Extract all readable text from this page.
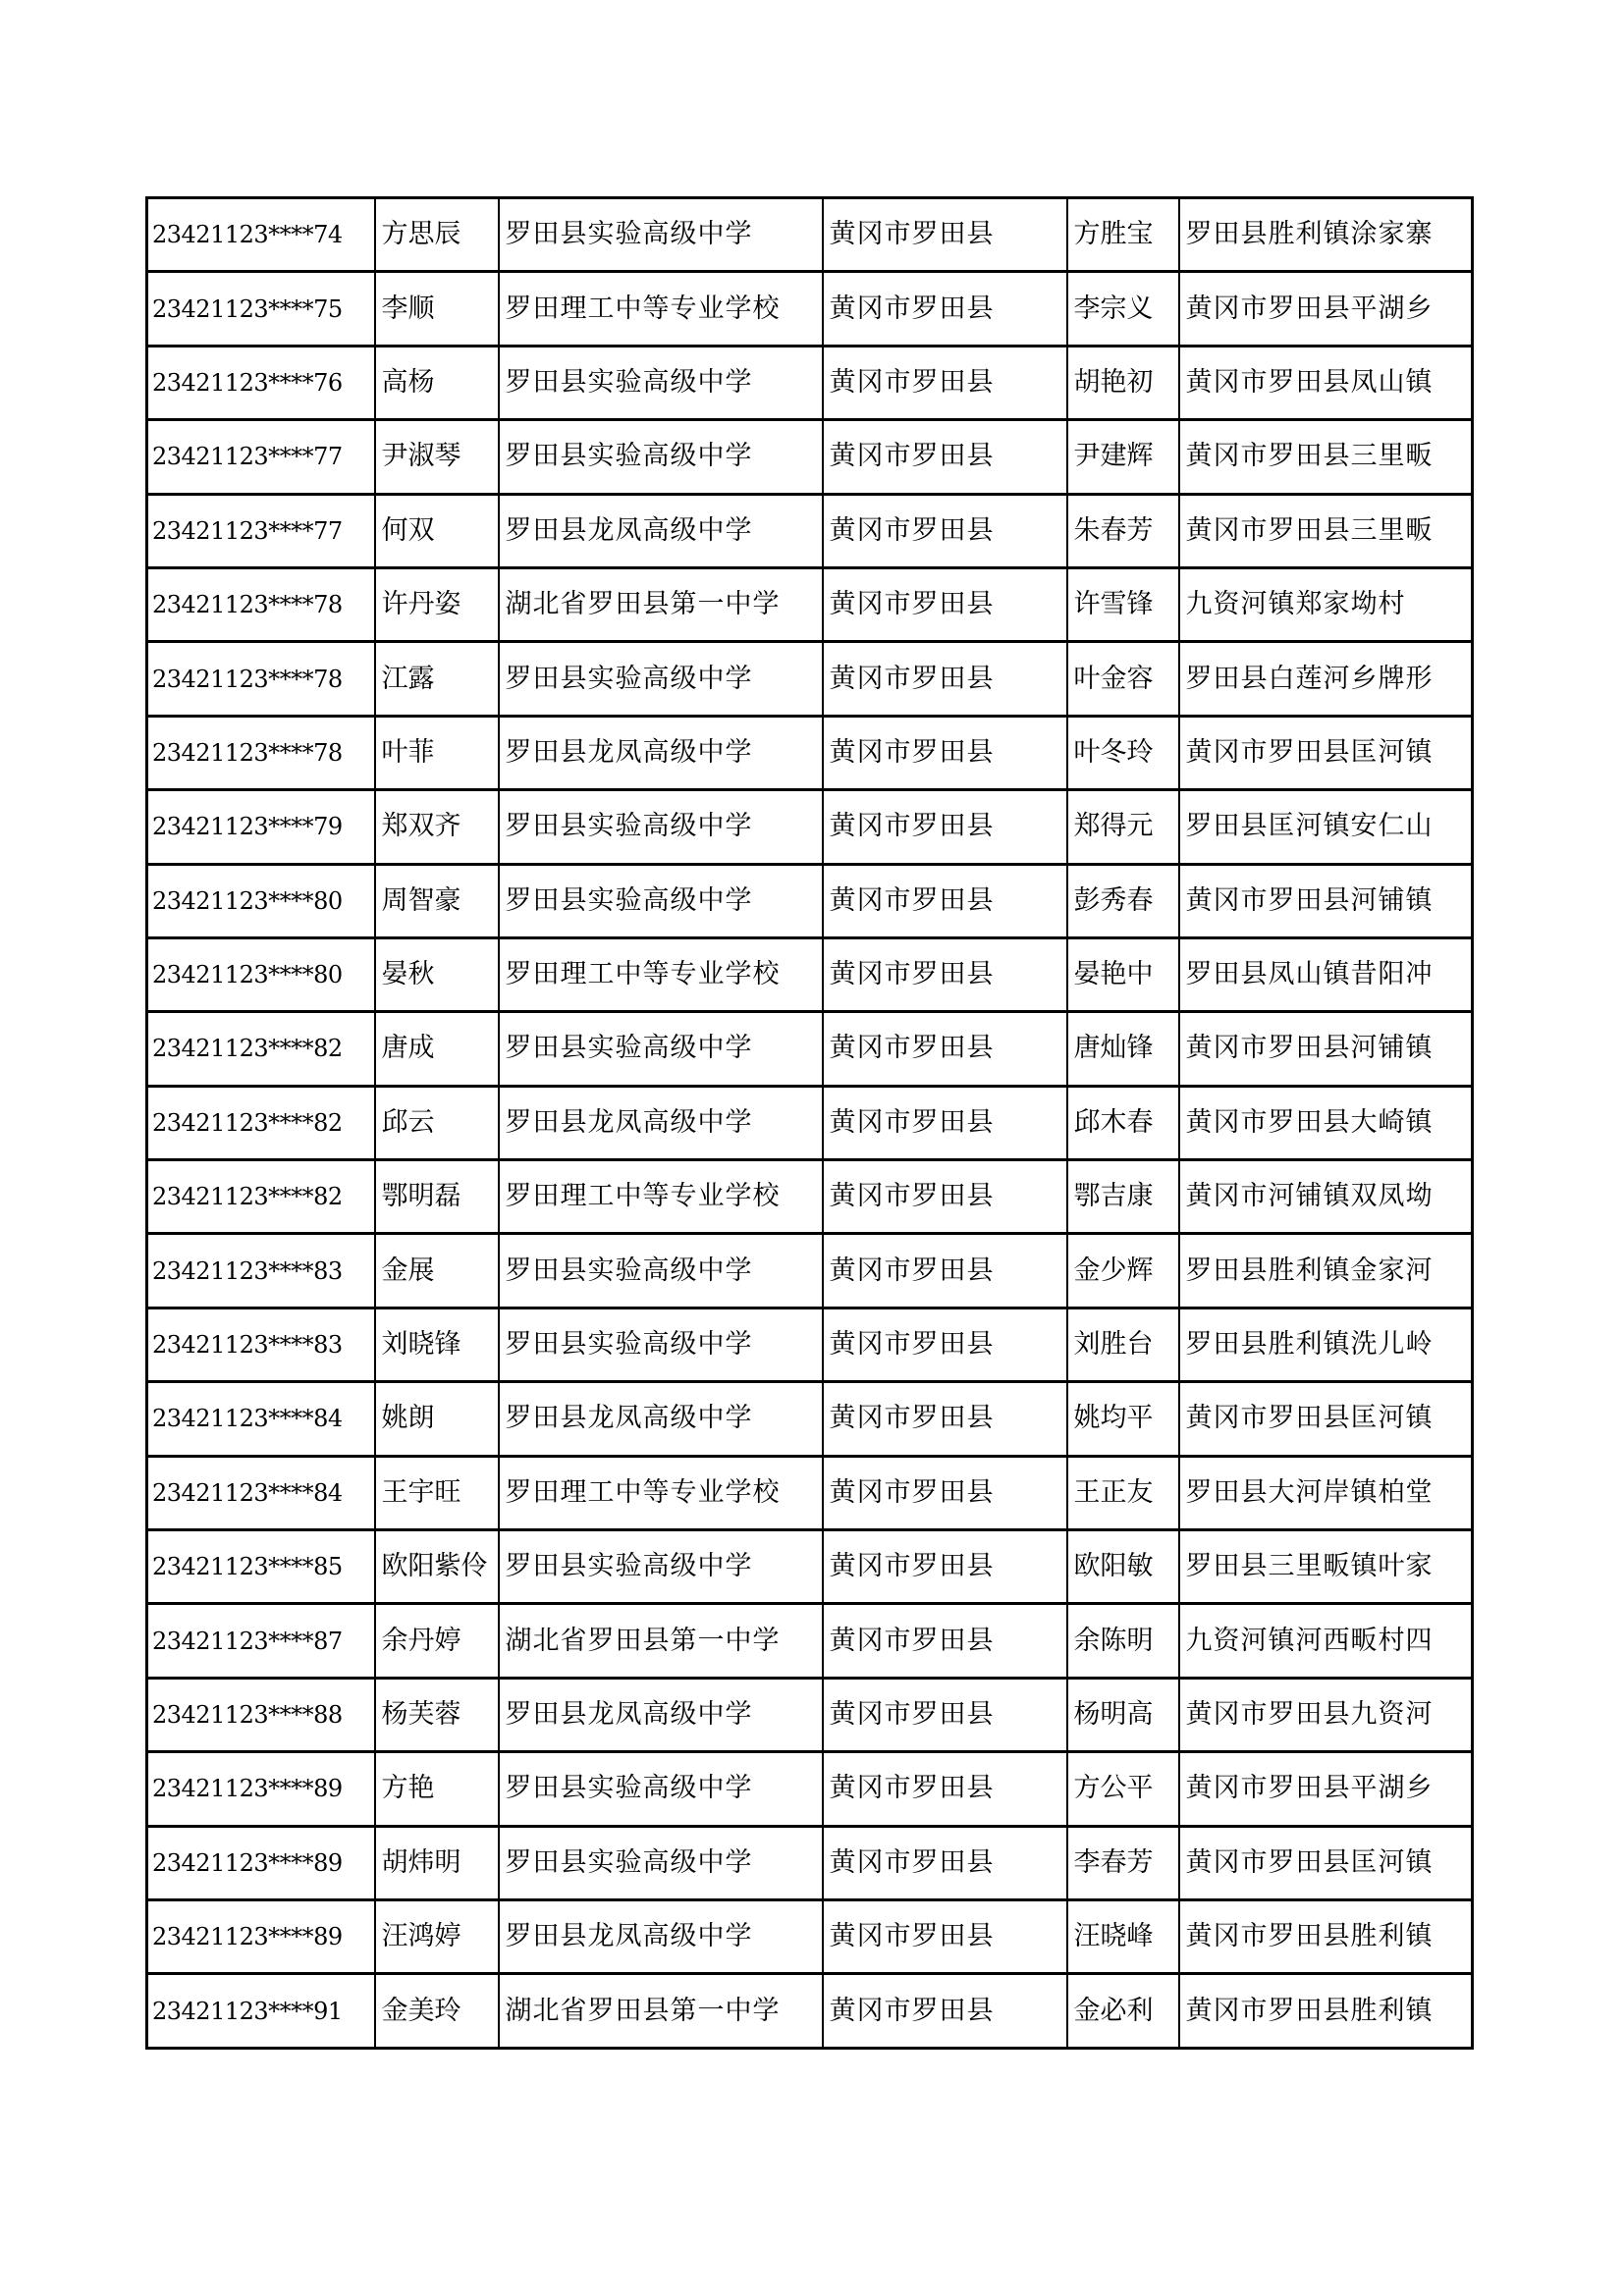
23421123****74	方思辰	罗田县实验高级中学	黄冈市罗田县	方胜宝	罗田县胜利镇涂家寨
23421123****75	李顺	罗田理工中等专业学校	黄冈市罗田县	李宗义	黄冈市罗田县平湖乡
23421123****76	高杨	罗田县实验高级中学	黄冈市罗田县	胡艳初	黄冈市罗田县凤山镇
23421123****77	尹淑琴	罗田县实验高级中学	黄冈市罗田县	尹建辉	黄冈市罗田县三里畈
23421123****77	何双	罗田县龙凤高级中学	黄冈市罗田县	朱春芳	黄冈市罗田县三里畈
23421123****78	许丹姿	湖北省罗田县第一中学	黄冈市罗田县	许雪锋	九资河镇郑家坳村
23421123****78	江露	罗田县实验高级中学	黄冈市罗田县	叶金容	罗田县白莲河乡牌形
23421123****78	叶菲	罗田县龙凤高级中学	黄冈市罗田县	叶冬玲	黄冈市罗田县匡河镇
23421123****79	郑双齐	罗田县实验高级中学	黄冈市罗田县	郑得元	罗田县匡河镇安仁山
23421123****80	周智豪	罗田县实验高级中学	黄冈市罗田县	彭秀春	黄冈市罗田县河铺镇
23421123****80	晏秋	罗田理工中等专业学校	黄冈市罗田县	晏艳中	罗田县凤山镇昔阳冲
23421123****82	唐成	罗田县实验高级中学	黄冈市罗田县	唐灿锋	黄冈市罗田县河铺镇
23421123****82	邱云	罗田县龙凤高级中学	黄冈市罗田县	邱木春	黄冈市罗田县大崎镇
23421123****82	鄂明磊	罗田理工中等专业学校	黄冈市罗田县	鄂吉康	黄冈市河铺镇双凤坳
23421123****83	金展	罗田县实验高级中学	黄冈市罗田县	金少辉	罗田县胜利镇金家河
23421123****83	刘晓锋	罗田县实验高级中学	黄冈市罗田县	刘胜台	罗田县胜利镇洗儿岭
23421123****84	姚朗	罗田县龙凤高级中学	黄冈市罗田县	姚均平	黄冈市罗田县匡河镇
23421123****84	王宇旺	罗田理工中等专业学校	黄冈市罗田县	王正友	罗田县大河岸镇柏堂
23421123****85	欧阳紫伶	罗田县实验高级中学	黄冈市罗田县	欧阳敏	罗田县三里畈镇叶家
23421123****87	余丹婷	湖北省罗田县第一中学	黄冈市罗田县	余陈明	九资河镇河西畈村四
23421123****88	杨芙蓉	罗田县龙凤高级中学	黄冈市罗田县	杨明高	黄冈市罗田县九资河
23421123****89	方艳	罗田县实验高级中学	黄冈市罗田县	方公平	黄冈市罗田县平湖乡
23421123****89	胡炜明	罗田县实验高级中学	黄冈市罗田县	李春芳	黄冈市罗田县匡河镇
23421123****89	汪鸿婷	罗田县龙凤高级中学	黄冈市罗田县	汪晓峰	黄冈市罗田县胜利镇
23421123****91	金美玲	湖北省罗田县第一中学	黄冈市罗田县	金必利	黄冈市罗田县胜利镇
